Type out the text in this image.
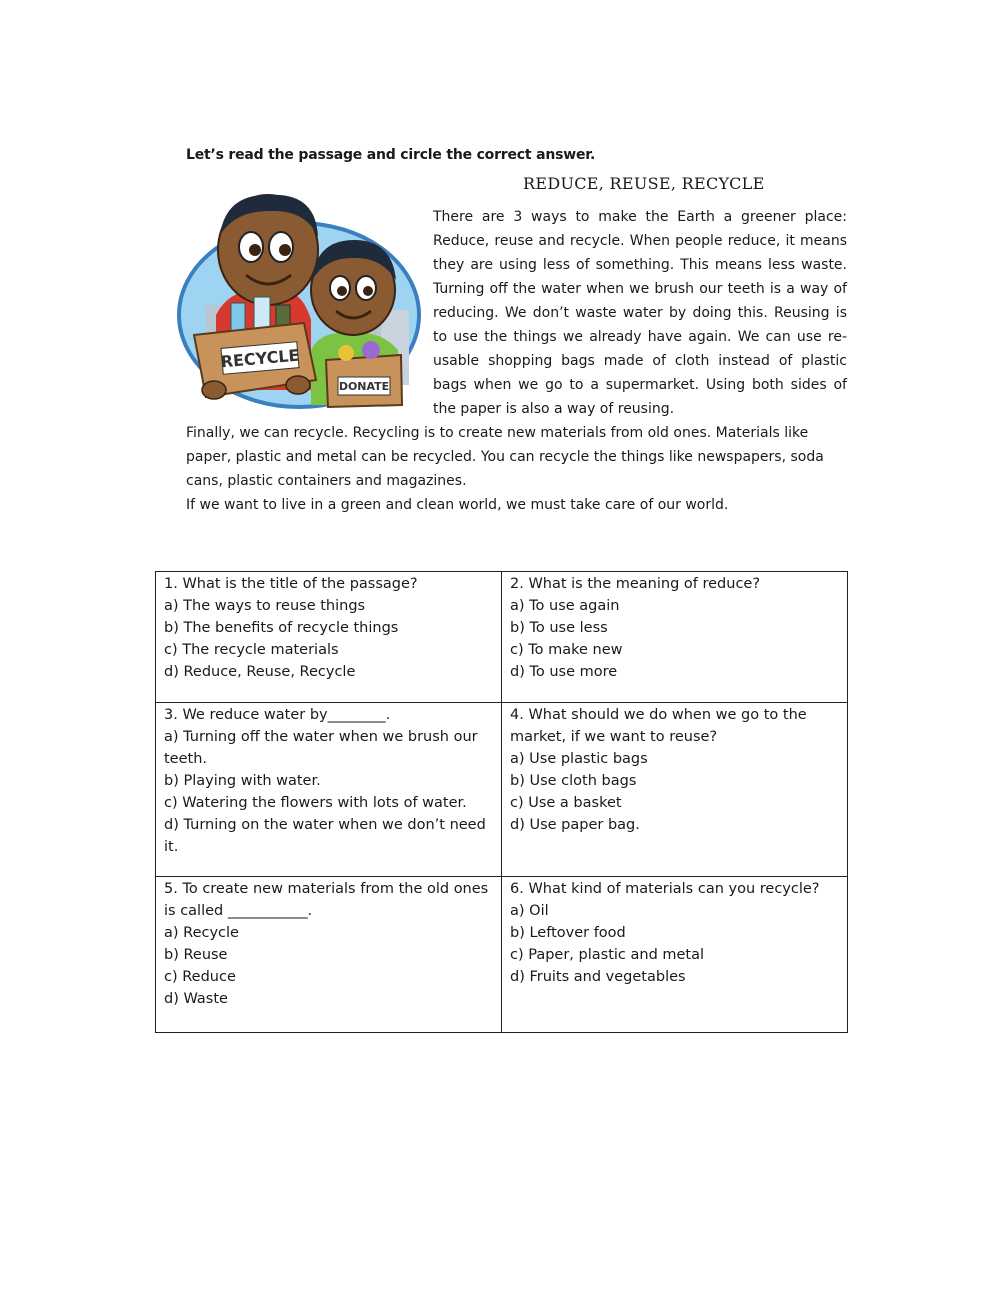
Let’s read the passage and circle the correct answer.
REDUCE, REUSE, RECYCLE
RECYCLE
DONATE

There are 3 ways to make the Earth a greener place: Reduce, reuse and recycle. When people reduce, it means they are using less of something. This means less waste. Turning off the water when we brush our teeth is a way of reducing. We don’t waste water by doing this. Reusing is to use the things we already have again. We can use re-usable shopping bags made of cloth instead of plastic bags when we go to a supermarket. Using both sides of the paper is also a way of reusing.

Finally, we can recycle. Recycling is to create new materials from old ones. Materials like paper, plastic and metal can be recycled. You can recycle the things like newspapers, soda cans, plastic containers and magazines.

If we want to live in a green and clean world, we must take care of our world.

1. What is the title of the passage?
a) The ways to reuse things
b) The benefits of recycle things
c) The recycle materials
d) Reduce, Reuse, Recycle	2. What is the meaning of reduce?
a) To use again
b) To use less
c) To make new
d) To use more

3. We reduce water by________.
a) Turning off the water when we brush our teeth.
b) Playing with water.
c) Watering the flowers with lots of water.
d) Turning on the water when we don’t need it.	4. What should we do when we go to the market, if we want to reuse?
a) Use plastic bags
b) Use cloth bags
c) Use a basket
d) Use paper bag.

5. To create new materials from the old ones is called ___________.
a) Recycle
b) Reuse
c) Reduce
d) Waste	6. What kind of materials can you recycle?
a) Oil
b) Leftover food
c) Paper, plastic and metal
d) Fruits and vegetables
